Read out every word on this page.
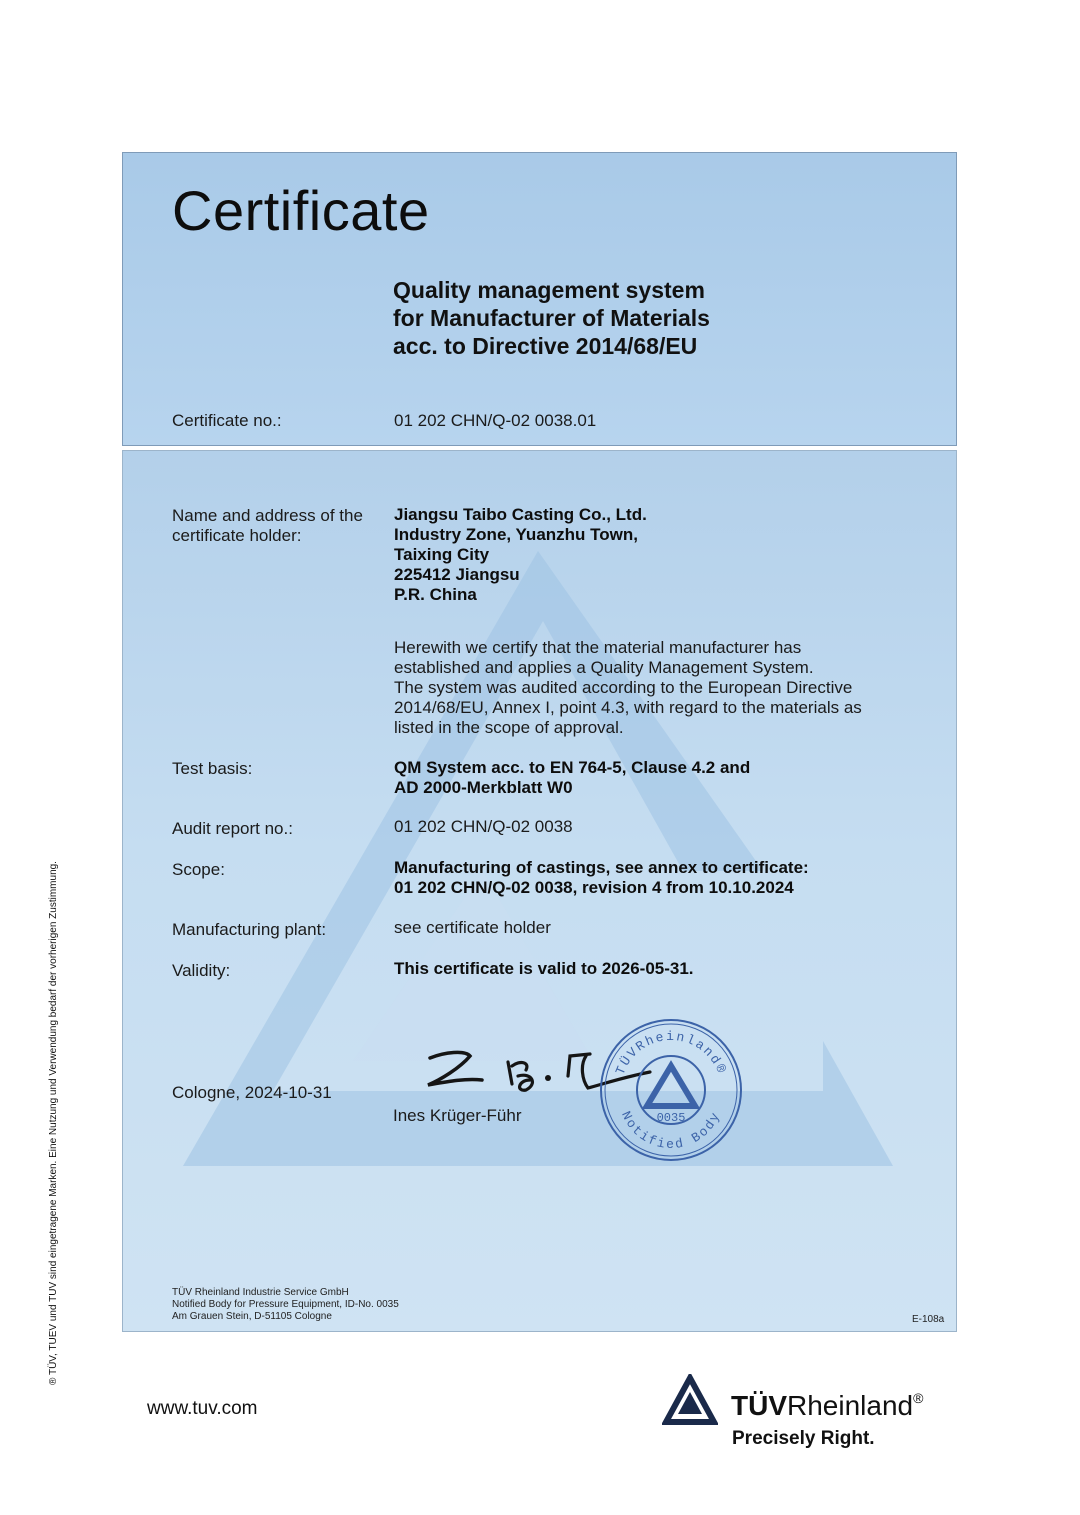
Certificate
Quality management system
for Manufacturer of Materials
acc. to Directive 2014/68/EU
Certificate no.:	01 202 CHN/Q-02 0038.01
Name and address of the
certificate holder:
Jiangsu Taibo Casting Co., Ltd.
Industry Zone, Yuanzhu Town,
Taixing City
225412 Jiangsu
P.R. China
Herewith we certify that the material manufacturer has
established and applies a Quality Management System.
The system was audited according to the European Directive
2014/68/EU, Annex I, point 4.3, with regard to the materials as
listed in the scope of approval.
Test basis:	QM System acc. to EN 764-5, Clause 4.2 and
AD 2000-Merkblatt W0
Audit report no.:	01 202 CHN/Q-02 0038
Scope:	Manufacturing of castings, see annex to certificate:
01 202 CHN/Q-02 0038, revision 4 from 10.10.2024
Manufacturing plant:	see certificate holder
Validity:	This certificate is valid to 2026-05-31.
Cologne, 2024-10-31
Ines Krüger-Führ
TÜVRheinland®
Notified Body
0035
TÜV Rheinland Industrie Service GmbH
Notified Body for Pressure Equipment, ID-No. 0035
Am Grauen Stein, D-51105 Cologne	E-108a
® TÜV, TUEV und TUV sind eingetragene Marken. Eine Nutzung und Verwendung bedarf der vorherigen Zustimmung.
www.tuv.com	TÜVRheinland®
Precisely Right.
